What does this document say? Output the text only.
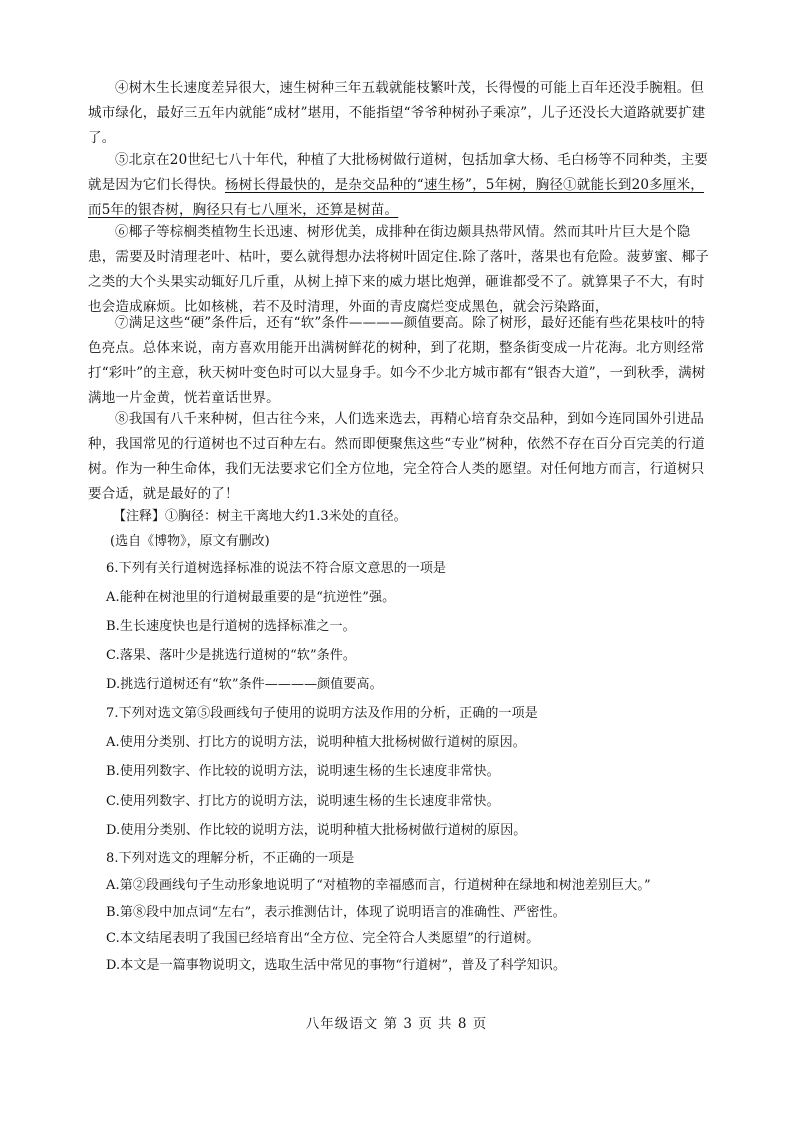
④树木生长速度差异很大，速生树种三年五载就能枝繁叶茂，长得慢的可能上百年还没手腕粗。但城市绿化，最好三五年内就能“成材”堪用，不能指望“爷爷种树孙子乘凉”，儿子还没长大道路就要扩建了。

⑤北京在20世纪七八十年代，种植了大批杨树做行道树，包括加拿大杨、毛白杨等不同种类，主要就是因为它们长得快。杨树长得最快的，是杂交品种的“速生杨”，5年树，胸径①就能长到20多厘米，而5年的银杏树，胸径只有七八厘米，还算是树苗。

⑥椰子等棕榈类植物生长迅速、树形优美，成排种在街边颇具热带风情。然而其叶片巨大是个隐患，需要及时清理老叶、枯叶，要么就得想办法将树叶固定住.除了落叶，落果也有危险。菠萝蜜、椰子之类的大个头果实动辄好几斤重，从树上掉下来的威力堪比炮弹，砸谁都受不了。就算果子不大，有时也会造成麻烦。比如核桃，若不及时清理，外面的青皮腐烂变成黑色，就会污染路面，

⑦满足这些“硬”条件后，还有“软”条件————颜值要高。除了树形，最好还能有些花果枝叶的特色亮点。总体来说，南方喜欢用能开出满树鲜花的树种，到了花期，整条街变成一片花海。北方则经常打“彩叶”的主意，秋天树叶变色时可以大显身手。如今不少北方城市都有“银杏大道”，一到秋季，满树满地一片金黄，恍若童话世界。

⑧我国有八千来种树，但古往今来，人们选来选去，再精心培育杂交品种，到如今连同国外引进品种，我国常见的行道树也不过百种左右。然而即便聚焦这些“专业”树种，依然不存在百分百完美的行道树。作为一种生命体，我们无法要求它们全方位地，完全符合人类的愿望。对任何地方而言，行道树只要合适，就是最好的了！

【注释】①胸径：树主干离地大约1.3米处的直径。

(选自《博物》，原文有删改)

6.下列有关行道树选择标准的说法不符合原文意思的一项是

A.能种在树池里的行道树最重要的是“抗逆性”强。

B.生长速度快也是行道树的选择标准之一。

C.落果、落叶少是挑选行道树的“软”条件。

D.挑选行道树还有“软”条件————颜值要高。

7.下列对选文第⑤段画线句子使用的说明方法及作用的分析，正确的一项是

A.使用分类别、打比方的说明方法，说明种植大批杨树做行道树的原因。

B.使用列数字、作比较的说明方法，说明速生杨的生长速度非常快。

C.使用列数字、打比方的说明方法，说明速生杨的生长速度非常快。

D.使用分类别、作比较的说明方法，说明种植大批杨树做行道树的原因。

8.下列对选文的理解分析，不正确的一项是

A.第②段画线句子生动形象地说明了“对植物的幸福感而言，行道树种在绿地和树池差别巨大。”

B.第⑧段中加点词“左右”，表示推测估计，体现了说明语言的准确性、严密性。

C.本文结尾表明了我国已经培育出“全方位、完全符合人类愿望”的行道树。

D.本文是一篇事物说明文，选取生活中常见的事物“行道树”，普及了科学知识。

八年级语文 第 3 页 共 8 页
